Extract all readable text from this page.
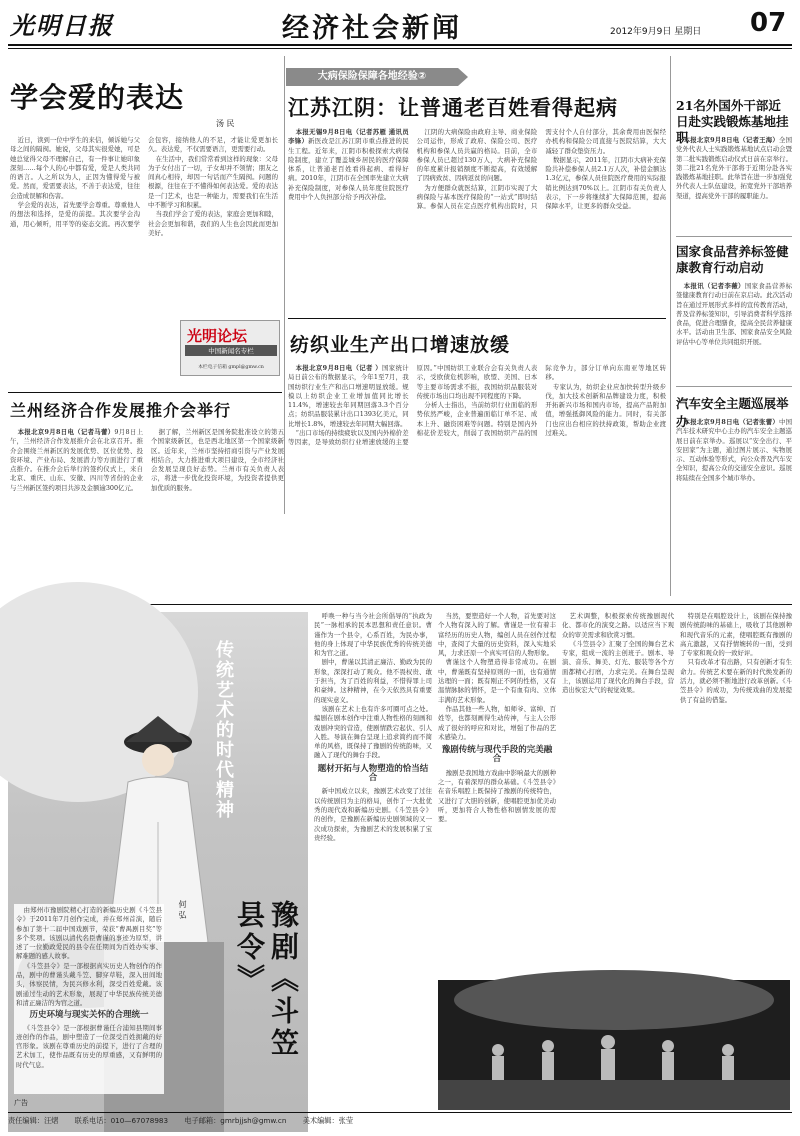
光明日报	经济社会新闻	2012年9月9日 星期日	07
学会爱的表达
汤 民

近日，读到一位中学生的来信，倾诉她与父母之间的隔阂。她说，父母其实很爱她，可是她总觉得父母不理解自己，有一件事让她印象深刻……每个人的心中都有爱，爱是人类共同的语言。人之所以为人，正因为懂得爱与被爱。然而，爱需要表达，不善于表达爱，往往会造成误解和伤害。

学会爱的表达，首先要学会尊重。尊重他人的想法和选择，是爱的前提。其次要学会沟通，用心倾听，用平等的姿态交流。再次要学会包容，接纳他人的不足，才能让爱更加长久。表达爱，不仅需要语言，更需要行动。

在生活中，我们常常看到这样的现象：父母为子女付出了一切，子女却并不领情；朋友之间真心相待，却因一句话而产生隔阂。问题的根源，往往在于不懂得如何表达爱。爱的表达是一门艺术，也是一种能力，需要我们在生活中不断学习和积累。

当我们学会了爱的表达，家庭会更加和睦，社会会更加和谐，我们的人生也会因此而更加美好。

光明论坛
中国新闻名专栏
本栏电子信箱 gmpl@gmw.cn
兰州经济合作发展推介会举行

本报北京9月8日电（记者马蕾）9月8日上午，兰州经济合作发展推介会在北京召开。推介会围绕兰州新区的发展优势、区位优势、投资环境、产业布局、发展潜力等方面进行了重点推介。在推介会后举行的签约仪式上，来自北京、重庆、山东、安徽、四川等省份的企业与兰州新区签约项目共涉及金额逾300亿元。

据了解，兰州新区是国务院批准设立的第五个国家级新区，也是西北地区第一个国家级新区。近年来，兰州市坚持招商引资与产业发展相结合，大力推进重大项目建设，全市经济社会发展呈现良好态势。兰州市有关负责人表示，将进一步优化投资环境，为投资者提供更加优质的服务。

大病保险保障各地经验②
江苏江阴：让普通老百姓看得起病

本报无锡9月8日电（记者苏雁 通讯员李锋）新医改是江苏江阴市重点推进的民生工程。近年来，江阴市积极探索大病保险制度，建立了覆盖城乡居民的医疗保障体系，让普通老百姓看得起病、看得好病。2010年，江阴市在全国率先建立大病补充保险制度，对参保人员年度住院医疗费用中个人负担部分给予再次补偿。

江阴的大病保险由政府主导、商业保险公司运作，形成了政府、保险公司、医疗机构和参保人员共赢的格局。目前，全市参保人员已超过130万人，大病补充保险的年度累计报销额度不断提高，有效缓解了因病致贫、因病返贫的问题。

为方便群众就医结算，江阴市实现了大病保险与基本医疗保险的“一站式”即时结算。参保人员在定点医疗机构出院时，只需支付个人自付部分，其余费用由医保经办机构和保险公司直接与医院结算，大大减轻了群众垫资压力。

数据显示，2011年，江阴市大病补充保险共补偿参保人员2.1万人次，补偿金额达1.3亿元，参保人员住院医疗费用的实际报销比例达到70%以上。江阴市有关负责人表示，下一步将继续扩大保障范围，提高保障水平，让更多的群众受益。

纺织业生产出口增速放缓

本报北京9月8日电（记者 ）国家统计局日前公布的数据显示，今年1至7月，我国纺织行业生产和出口增速明显放缓。规模以上纺织企业工业增加值同比增长11.4%，增速较去年同期回落3.3个百分点；纺织品服装累计出口1393亿美元，同比增长1.8%，增速较去年同期大幅回落。

“出口市场的持续疲软以及国内外棉价差等因素，是导致纺织行业增速放缓的主要原因。”中国纺织工业联合会有关负责人表示，受欧债危机影响，欧盟、美国、日本等主要市场需求不振，我国纺织品服装对传统市场出口均出现不同程度的下降。

分析人士指出，当前纺织行业面临的形势依然严峻，企业普遍面临订单不足、成本上升、融资困难等问题。特别是国内外棉花价差较大，削弱了我国纺织产品的国际竞争力，部分订单向东南亚等地区转移。

专家认为，纺织企业应加快转型升级步伐，加大技术创新和品牌建设力度，积极开拓新兴市场和国内市场，提高产品附加值，增强抵御风险的能力。同时，有关部门也应出台相应的扶持政策，帮助企业渡过难关。

21名外国外干部近日赴实践锻炼基地挂职

本报北京9月8日电（记者王海）全国党外代表人士实践锻炼基地试点启动会暨第二批实践锻炼启动仪式日前在京举行。第二批21名党外干部将于近期分赴各实践锻炼基地挂职。此举旨在进一步加强党外代表人士队伍建设，拓宽党外干部培养渠道，提高党外干部的履职能力。

国家食品营养标签健康教育行动启动

本报讯（记者李薇）国家食品营养标签健康教育行动日前在京启动。此次活动旨在通过开展形式多样的宣传教育活动，普及营养标签知识，引导消费者科学选择食品，促进合理膳食，提高全民营养健康水平。活动由卫生部、国家食品安全风险评估中心等单位共同组织开展。

汽车安全主题巡展举办

本报北京9月8日电（记者张蕾）中国汽车技术研究中心主办的汽车安全主题巡展日前在京举办。巡展以“安全出行、平安回家”为主题，通过图片展示、实物展示、互动体验等形式，向公众普及汽车安全知识，提高公众的交通安全意识。巡展将陆续在全国多个城市举办。

传统艺术的时代精神
豫剧《斗笠县令》
何 弘
广告

由郑州市豫剧院精心打造的新编历史剧《斗笠县令》于2011年7月创作完成，并在郑州首演，随后参加了第十二届中国戏剧节，荣获“曹禺剧目奖”等多个奖项。该剧以清代名臣曹谨的事迹为原型，讲述了一位勤政爱民的县令在任期间为百姓办实事、解难题的感人故事。

《斗笠县令》是一部根据真实历史人物创作的作品，剧中的曹谨头戴斗笠、脚穿草鞋，深入田间地头，体察民情，为民兴修水利，深受百姓爱戴。该剧通过生动的艺术形象，展现了中华民族传统美德和清正廉洁的为官之道。

历史环境与现实关怀的合理统一

《斗笠县令》是一部根据曹谨任合浦知县期间事迹创作的作品，剧中塑造了一位深受百姓拥戴的好官形象。该剧在尊重历史的前提下，进行了合理的艺术加工，使作品既有历史的厚重感，又有鲜明的时代气息。

呼唤一种与当今社会所倡导的“执政为民”一脉相承的民本思想和责任意识。曹谨作为一个县令，心系百姓，为民办事，他的身上体现了中华民族优秀的传统美德和为官之道。

剧中，曹谨以其清正廉洁、勤政为民的形象，深深打动了观众。他不畏权贵、敢于担当，为了百姓的利益，不惜得罪上司和豪绅。这种精神，在今天依然具有重要的现实意义。

该剧在艺术上也有许多可圈可点之处。编剧在剧本创作中注重人物性格的刻画和戏剧冲突的营造，使剧情跌宕起伏、引人入胜。导演在舞台呈现上追求简约而不简单的风格，既保持了豫剧的传统韵味，又融入了现代的舞台手段。

题材开拓与人物塑造的恰当结合

新中国成立以来，豫剧艺术改变了过往以传统剧目为主的格局，创作了一大批优秀的现代戏和新编历史剧。《斗笠县令》的创作，是豫剧在新编历史剧领域的又一次成功探索，为豫剧艺术的发展积累了宝贵经验。

当然，要塑造好一个人物，首先要对这个人物有深入的了解。曹谨是一位有着丰富经历的历史人物，编创人员在创作过程中，查阅了大量的历史资料，深入实地采风，力求还原一个真实可信的人物形象。

曹谨这个人物塑造得非常成功。在剧中，曹谨既有坚持原则的一面，也有通情达理的一面；既有刚正不阿的性格，又有温情脉脉的情怀，是一个有血有肉、立体丰满的艺术形象。

作品其他一些人物，如师爷、富绅、百姓等，也都刻画得生动传神，与主人公形成了很好的呼应和对比，增强了作品的艺术感染力。

豫剧传统与现代手段的完美融合

豫剧是我国地方戏曲中影响最大的剧种之一，有着深厚的群众基础。《斗笠县令》在音乐唱腔上既保持了豫剧的传统特色，又进行了大胆的创新，使唱腔更加优美动听，更加符合人物性格和剧情发展的需要。

艺术调整，积极探索传统豫剧现代化、都市化的演变之路。以适应当下观众的审美需求和欣赏习惯。

《斗笠县令》汇聚了全国的舞台艺术专家，组成一流的主创班子。剧本、导演、音乐、舞美、灯光、服装等各个方面都精心打磨，力求完美。在舞台呈现上，该剧运用了现代化的舞台手段，营造出恢宏大气的视觉效果。

特别是在唱腔设计上，该剧在保持豫剧传统韵味的基础上，吸收了其他剧种和现代音乐的元素，使唱腔既有豫剧的高亢激越，又有抒情婉转的一面，受到了专家和观众的一致好评。

只有改革才有出路，只有创新才有生命力。传统艺术要在新的时代焕发新的活力，就必须不断地进行改革创新。《斗笠县令》的成功，为传统戏曲的发展提供了有益的借鉴。

责任编辑：汪熠 联系电话：010—67078983 电子邮箱：gmrbjjsh@gmw.cn 美术编辑：张莹
